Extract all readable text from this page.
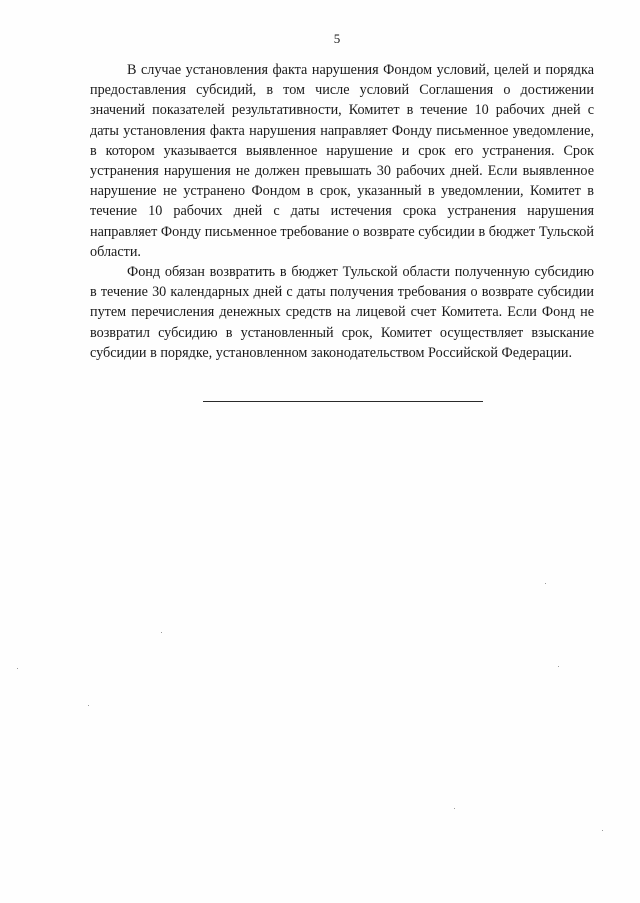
5

В случае установления факта нарушения Фондом условий, целей и порядка предоставления субсидий, в том числе условий Соглашения о достижении значений показателей результативности, Комитет в течение 10 рабочих дней с даты установления факта нарушения направляет Фонду письменное уведомление, в котором указывается выявленное нарушение и срок его устранения. Срок устранения нарушения не должен превышать 30 рабочих дней. Если выявленное нарушение не устранено Фондом в срок, указанный в уведомлении, Комитет в течение 10 рабочих дней с даты истечения срока устранения нарушения направляет Фонду письменное требование о возврате субсидии в бюджет Тульской области.

Фонд обязан возвратить в бюджет Тульской области полученную субсидию в течение 30 календарных дней с даты получения требования о возврате субсидии путем перечисления денежных средств на лицевой счет Комитета. Если Фонд не возвратил субсидию в установленный срок, Комитет осуществляет взыскание субсидии в порядке, установленном законодательством Российской Федерации.
